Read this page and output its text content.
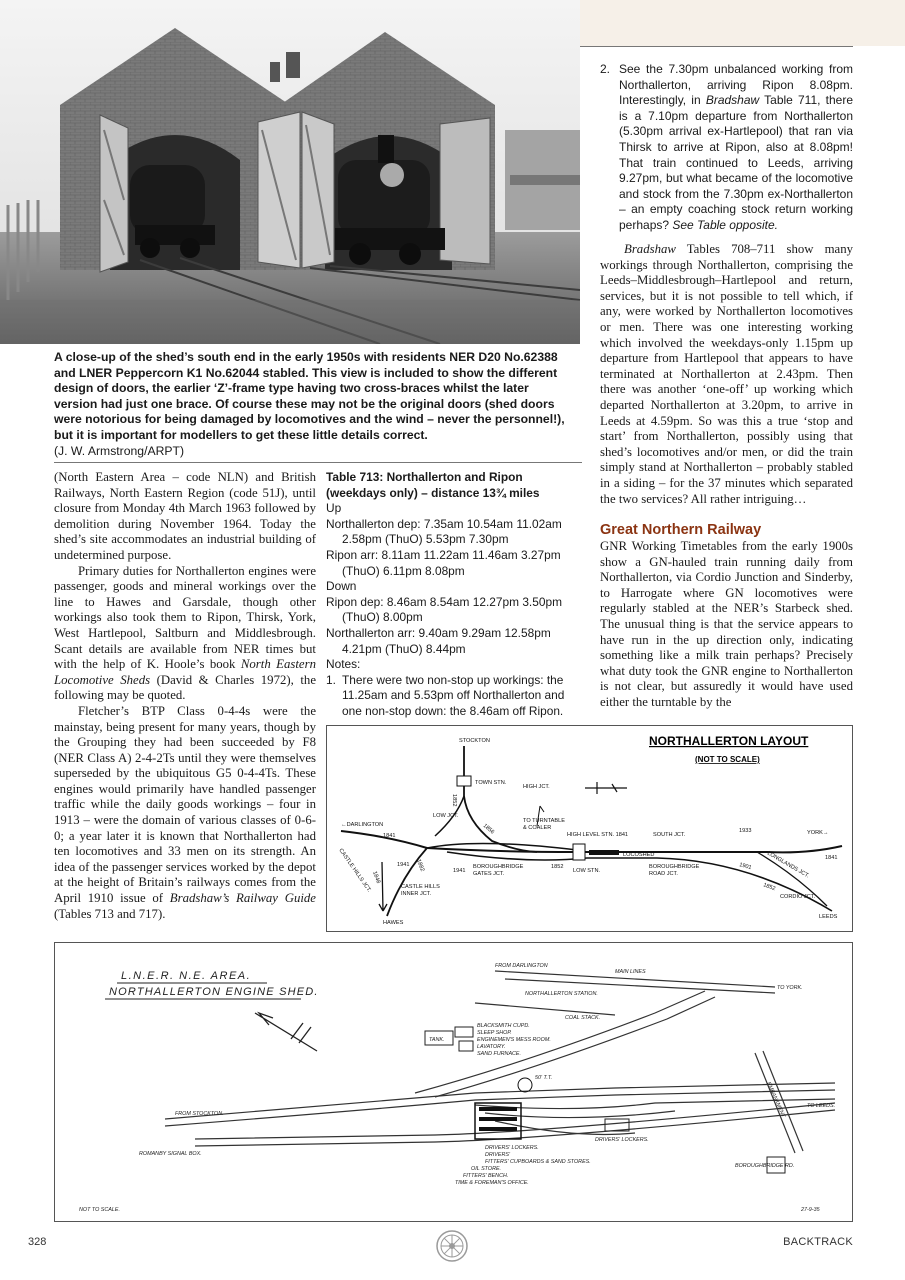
A close-up of the shed’s south end in the early 1950s with residents NER D20 No.62388 and LNER Peppercorn K1 No.62044 stabled. This view is included to show the different design of doors, the earlier ‘Z’-frame type having two cross-braces whilst the later version had just one brace. Of course these may not be the original doors (shed doors were notorious for being damaged by locomotives and the wind – never the personnel!), but it is important for modellers to get these little details correct.
(J. W. Armstrong/ARPT)

(North Eastern Area – code NLN) and British Railways, North Eastern Region (code 51J), until closure from Monday 4th March 1963 followed by demolition during November 1964. Today the shed’s site accommodates an industrial building of undetermined purpose.

Primary duties for Northallerton engines were passenger, goods and mineral workings over the line to Hawes and Garsdale, though other workings also took them to Ripon, Thirsk, York, West Hartlepool, Saltburn and Middlesbrough. Scant details are available from NER times but with the help of K. Hoole’s book North Eastern Locomotive Sheds (David & Charles 1972), the following may be quoted.

Fletcher’s BTP Class 0-4-4s were the mainstay, being present for many years, though by the Grouping they had been succeeded by F8 (NER Class A) 2-4-2Ts until they were themselves superseded by the ubiquitous G5 0-4-4Ts. These engines would primarily have handled passenger traffic while the daily goods workings – four in 1913 – were the domain of various classes of 0-6-0; a year later it is known that Northallerton had ten locomotives and 33 men on its strength. An idea of the passenger services worked by the depot at the height of Britain’s railways comes from the April 1910 issue of Bradshaw’s Railway Guide (Tables 713 and 717).

Table 713: Northallerton and Ripon (weekdays only) – distance 13¾ miles
Up
Northallerton dep: 7.35am 10.54am 11.02am 2.58pm (ThuO) 5.53pm 7.30pm
Ripon arr: 8.11am 11.22am 11.46am 3.27pm (ThuO) 6.11pm 8.08pm
Down
Ripon dep: 8.46am 8.54am 12.27pm 3.50pm (ThuO) 8.00pm
Northallerton arr: 9.40am 9.29am 12.58pm 4.21pm (ThuO) 8.44pm
Notes:
1. There were two non-stop up workings: the 11.25am and 5.53pm off Northallerton and one non-stop down: the 8.46am off Ripon.
2. See the 7.30pm unbalanced working from Northallerton, arriving Ripon 8.08pm. Interestingly, in Bradshaw Table 711, there is a 7.10pm departure from Northallerton (5.30pm arrival ex-Hartlepool) that ran via Thirsk to arrive at Ripon, also at 8.08pm! That train continued to Leeds, arriving 9.27pm, but what became of the locomotive and stock from the 7.30pm ex-Northallerton – an empty coaching stock return working perhaps? See Table opposite.

Bradshaw Tables 708–711 show many workings through Northallerton, comprising the Leeds–Middlesbrough–Hartlepool and return, services, but it is not possible to tell which, if any, were worked by Northallerton locomotives or men. There was one interesting working which involved the weekdays-only 1.15pm up departure from Hartlepool that appears to have terminated at Northallerton at 2.43pm. Then there was another ‘one-off’ up working which departed Northallerton at 3.20pm, to arrive in Leeds at 4.59pm. So was this a true ‘stop and start’ from Northallerton, possibly using that shed’s locomotives and/or men, or did the train simply stand at Northallerton – probably stabled in a siding – for the 37 minutes which separated the two services? All rather intriguing…

Great Northern Railway

GNR Working Timetables from the early 1900s show a GN-hauled train running daily from Northallerton, via Cordio Junction and Sinderby, to Harrogate where GN locomotives were regularly stabled at the NER’s Starbeck shed. The unusual thing is that the service appears to have run in the up direction only, indicating something like a milk train perhaps? Precisely what duty took the GNR engine to Northallerton is not clear, but assuredly it would have used either the turntable by the

NORTHALLERTON LAYOUT
(NOT TO SCALE)
STOCKTON
TOWN STN.
HIGH JCT.
LOW JCT.
←DARLINGTON
TO TURNTABLE
& COALER
HIGH LEVEL STN. 1841	SOUTH JCT.	YORK→
LOCOSHED
CASTLE HILLS JCT.	BOROUGHBRIDGE
GATES JCT.	LOW STN.
BOROUGHBRIDGE
ROAD JCT.	LONGLANDS JCT.
CORDIO JCT.
LEEDS
CASTLE HILLS
INNER JCT.
HAWES
1841
1841
1852
1852
1852
1856
1848
1882
1941
1941
1933
1901
L.N.E.R. N.E. AREA.
NORTHALLERTON ENGINE SHED.
FROM DARLINGTON
MAIN LINES
NORTHALLERTON STATION.
TO YORK.
COAL STACK.
TANK.
BLACKSMITH CUPD.
SLEEP SHOP.
ENGINEMEN'S MESS ROOM.
LAVATORY.
SAND FURNACE.
50' T.T.
FROM STOCKTON.
ROMANBY SIGNAL BOX.
EMBANKMENT	TO LEEDS.
DRIVERS' LOCKERS.
DRIVERS' LOCKERS.
DRIVERS'
FITTERS' CUPBOARDS & SAND STORES.
OIL STORE.
FITTERS' BENCH.
TIME & FOREMAN'S OFFICE.
BOROUGHBRIDGE RD.
NOT TO SCALE.	27-9-35
328	BACKTRACK
